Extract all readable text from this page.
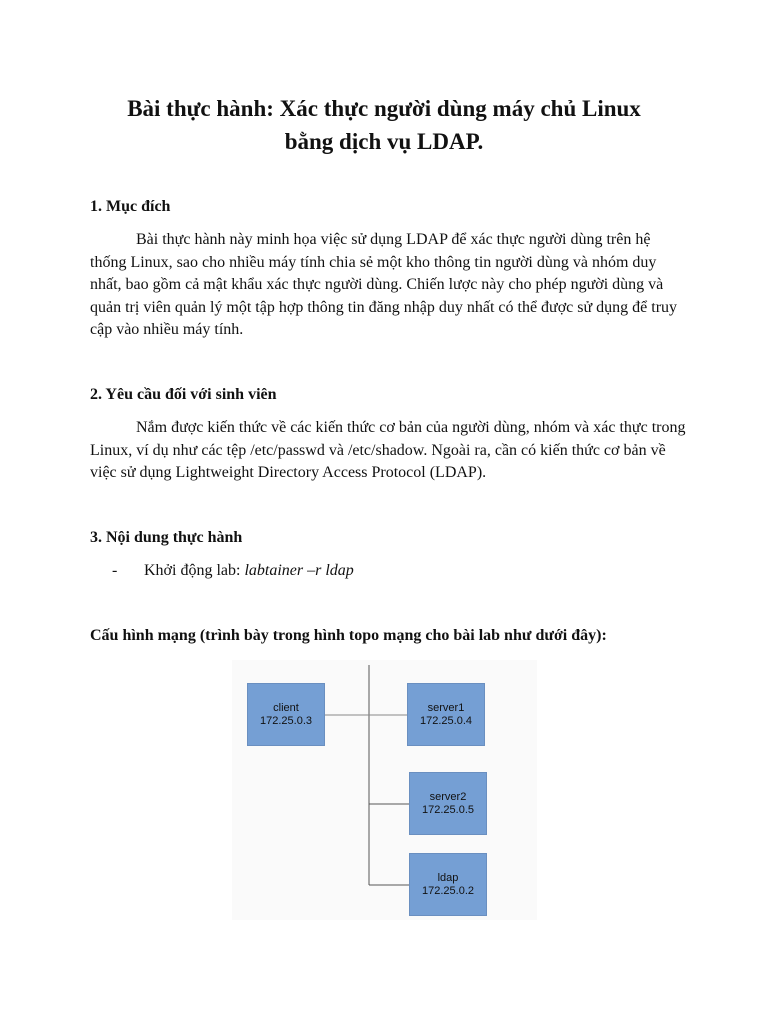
Bài thực hành: Xác thực người dùng máy chủ Linux
bằng dịch vụ LDAP.
1. Mục đích

Bài thực hành này minh họa việc sử dụng LDAP để xác thực người dùng trên hệ thống Linux, sao cho nhiều máy tính chia sẻ một kho thông tin người dùng và nhóm duy nhất, bao gồm cả mật khẩu xác thực người dùng. Chiến lược này cho phép người dùng và quản trị viên quản lý một tập hợp thông tin đăng nhập duy nhất có thể được sử dụng để truy cập vào nhiều máy tính.

2. Yêu cầu đối với sinh viên

Nắm được kiến thức về các kiến thức cơ bản của người dùng, nhóm và xác thực trong Linux, ví dụ như các tệp /etc/passwd và /etc/shadow. Ngoài ra, cần có kiến thức cơ bản về việc sử dụng Lightweight Directory Access Protocol (LDAP).

3. Nội dung thực hành
- Khởi động lab: labtainer –r ldap
Cấu hình mạng (trình bày trong hình topo mạng cho bài lab như dưới đây):
client
172.25.0.3
server1
172.25.0.4
server2
172.25.0.5
ldap
172.25.0.2
